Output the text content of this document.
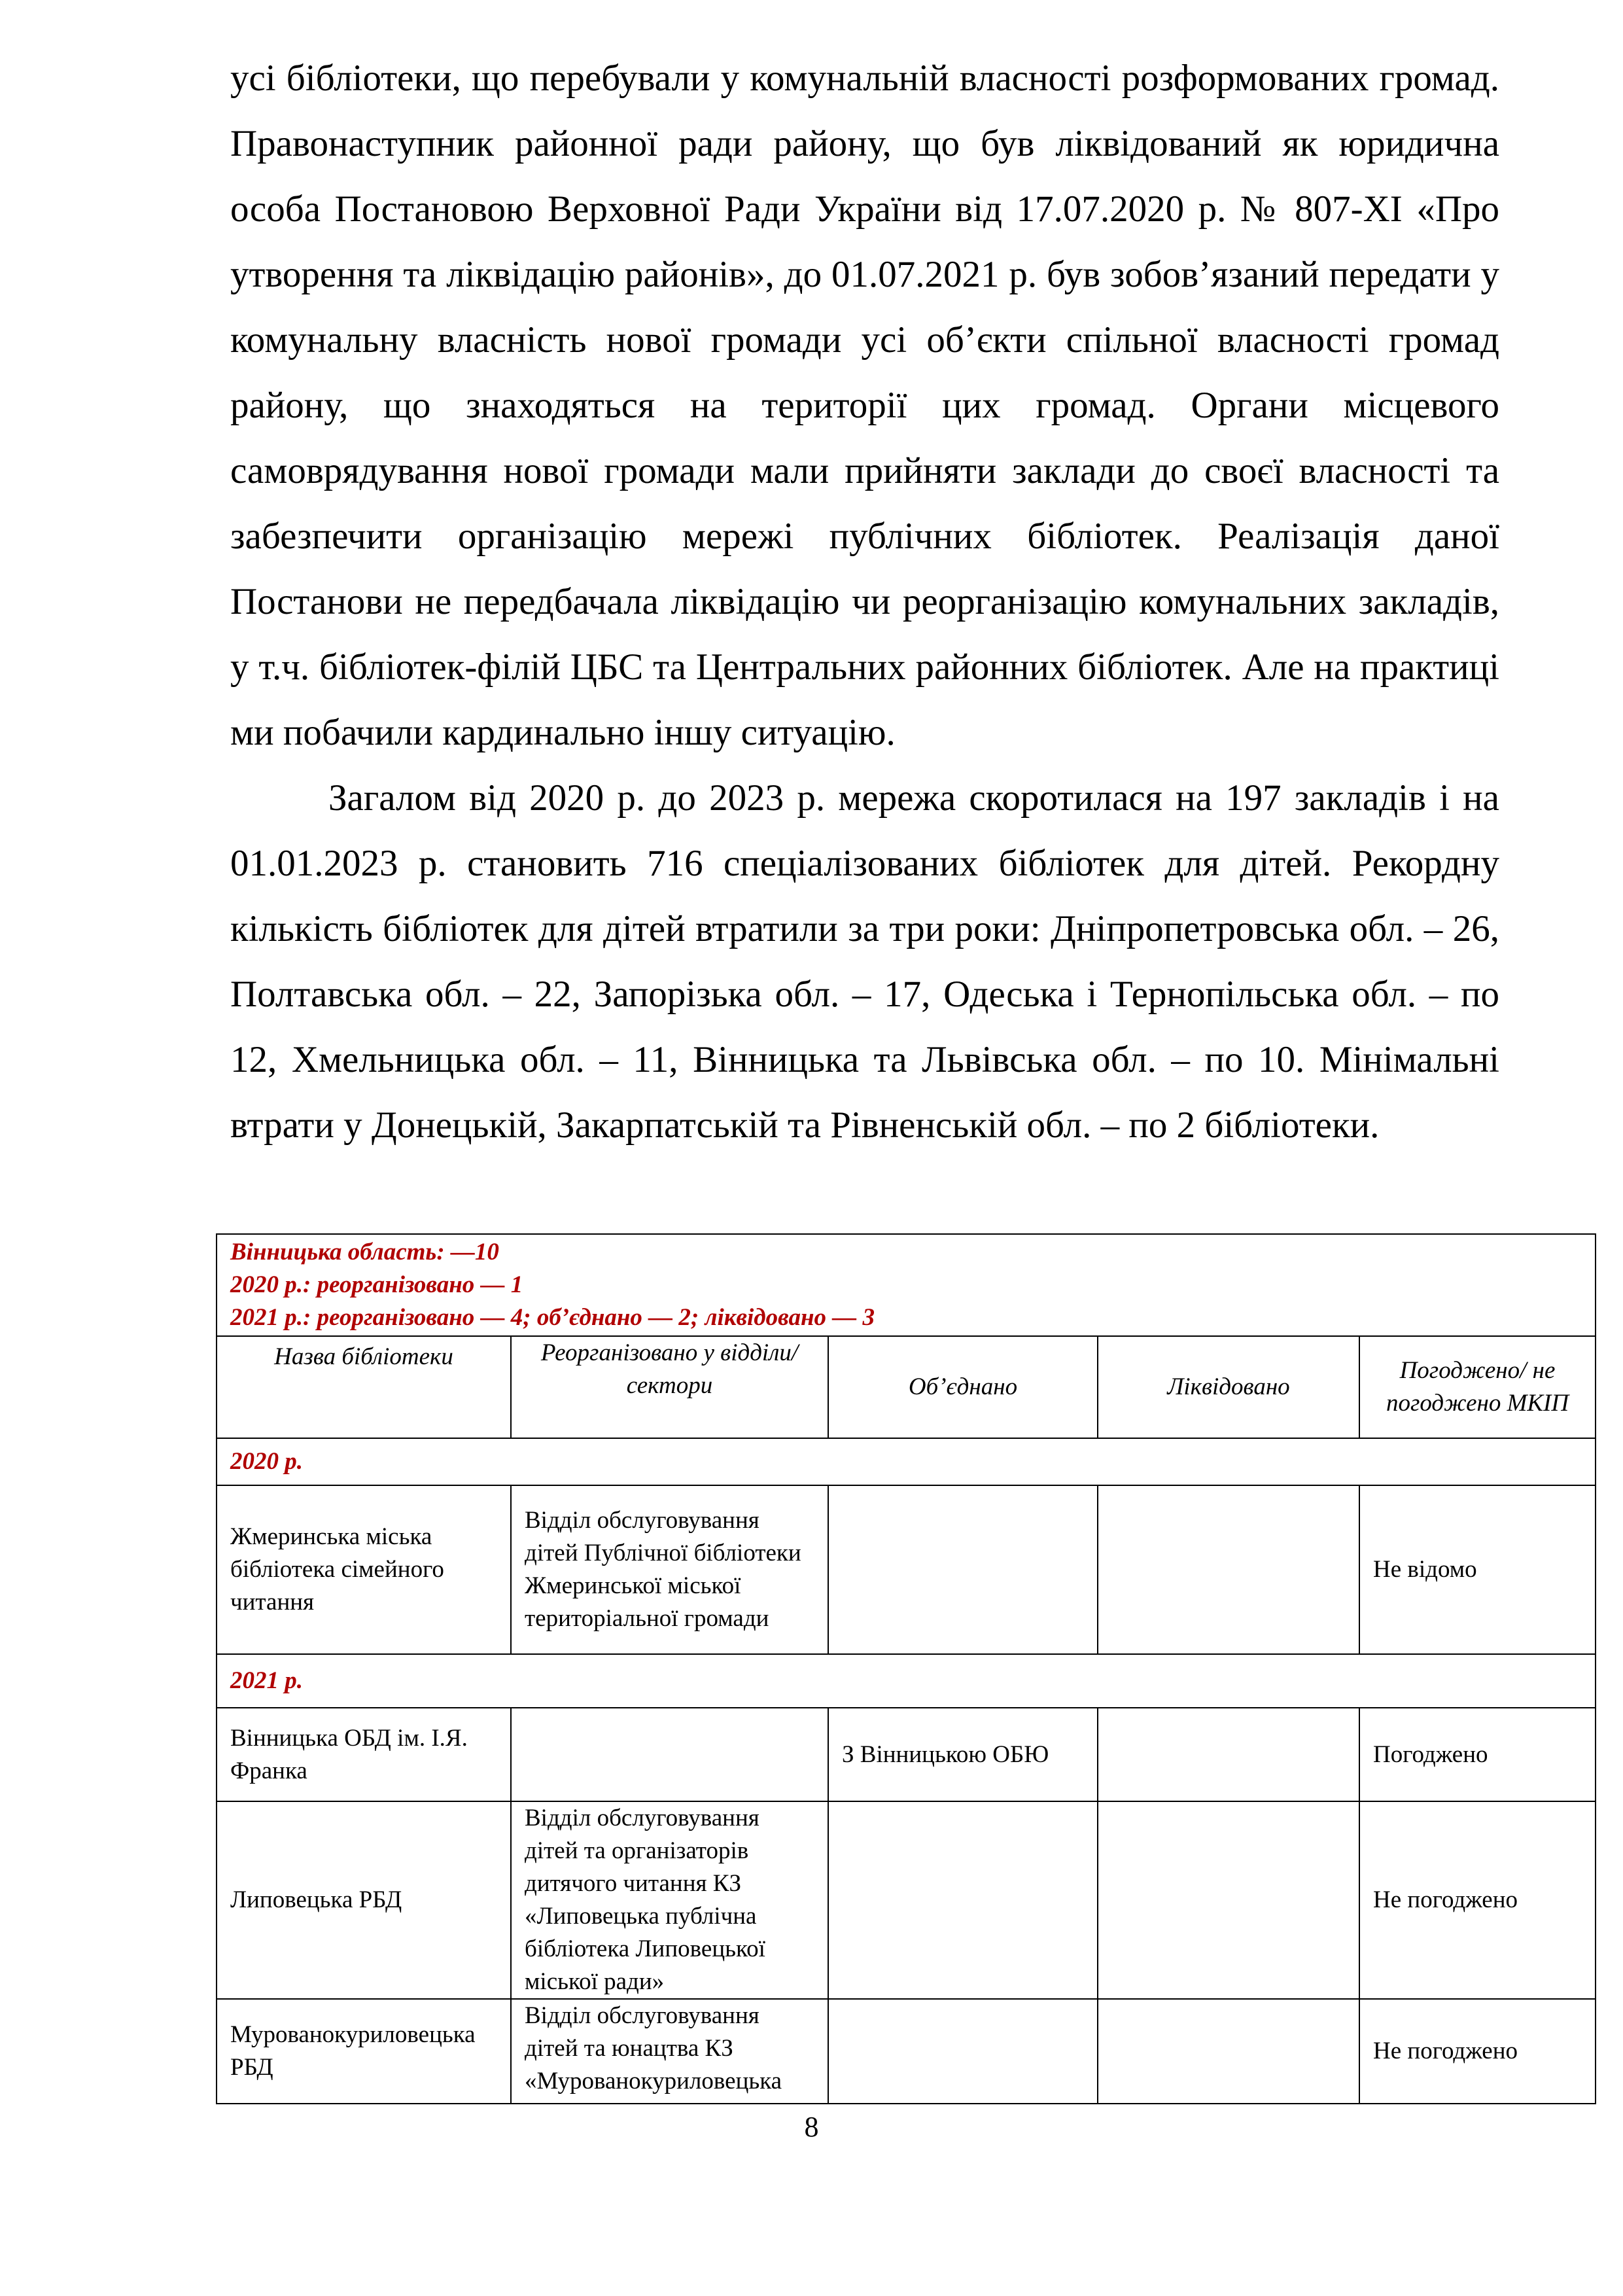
усі бібліотеки, що перебували у комунальній власності розформованих громад. Правонаступник районної ради району, що був ліквідований як юридична особа Постановою Верховної Ради України від 17.07.2020 р. № 807-ХІ «Про утворення та ліквідацію районів», до 01.07.2021 р. був зобов’язаний передати у комунальну власність нової громади усі об’єкти спільної власності громад району, що знаходяться на території цих громад. Органи місцевого самоврядування нової громади мали прийняти заклади до своєї власності та забезпечити організацію мережі публічних бібліотек. Реалізація даної Постанови не передбачала ліквідацію чи реорганізацію комунальних закладів, у т.ч. бібліотек-філій ЦБС та Центральних районних бібліотек. Але на практиці ми побачили кардинально іншу ситуацію.

Загалом від 2020 р. до 2023 р. мережа скоротилася на 197 закладів і на 01.01.2023 р. становить 716 спеціалізованих бібліотек для дітей. Рекордну кількість бібліотек для дітей втратили за три роки: Дніпропетровська обл. – 26, Полтавська обл. – 22, Запорізька обл. – 17, Одеська і Тернопільська обл. – по 12, Хмельницька обл. – 11, Вінницька та Львівська обл. – по 10. Мінімальні втрати у Донецькій, Закарпатській та Рівненській обл. – по 2 бібліотеки.

Вінницька область: —10
2020 р.: реорганізовано — 1
2021 р.: реорганізовано — 4; об’єднано — 2; ліквідовано — 3				

Назва бібліотеки	Реорганізовано у відділи/сектори	Об’єднано	Ліквідовано	Погоджено/ не погоджено МКІП
2020 р.				
Жмеринська міська бібліотека сімейного читання	Відділ обслуговування дітей Публічної бібліотеки Жмеринської міської територіальної громади			Не відомо
2021 р.				
Вінницька ОБД ім. І.Я. Франка		З Вінницькою ОБЮ		Погоджено
Липовецька РБД	Відділ обслуговування дітей та організаторів дитячого читання КЗ «Липовецька публічна бібліотека Липовецької міської ради»			Не погоджено
Мурованокуриловецька РБД	Відділ обслуговування дітей та юнацтва КЗ «Мурованокуриловецька			Не погоджено
8
